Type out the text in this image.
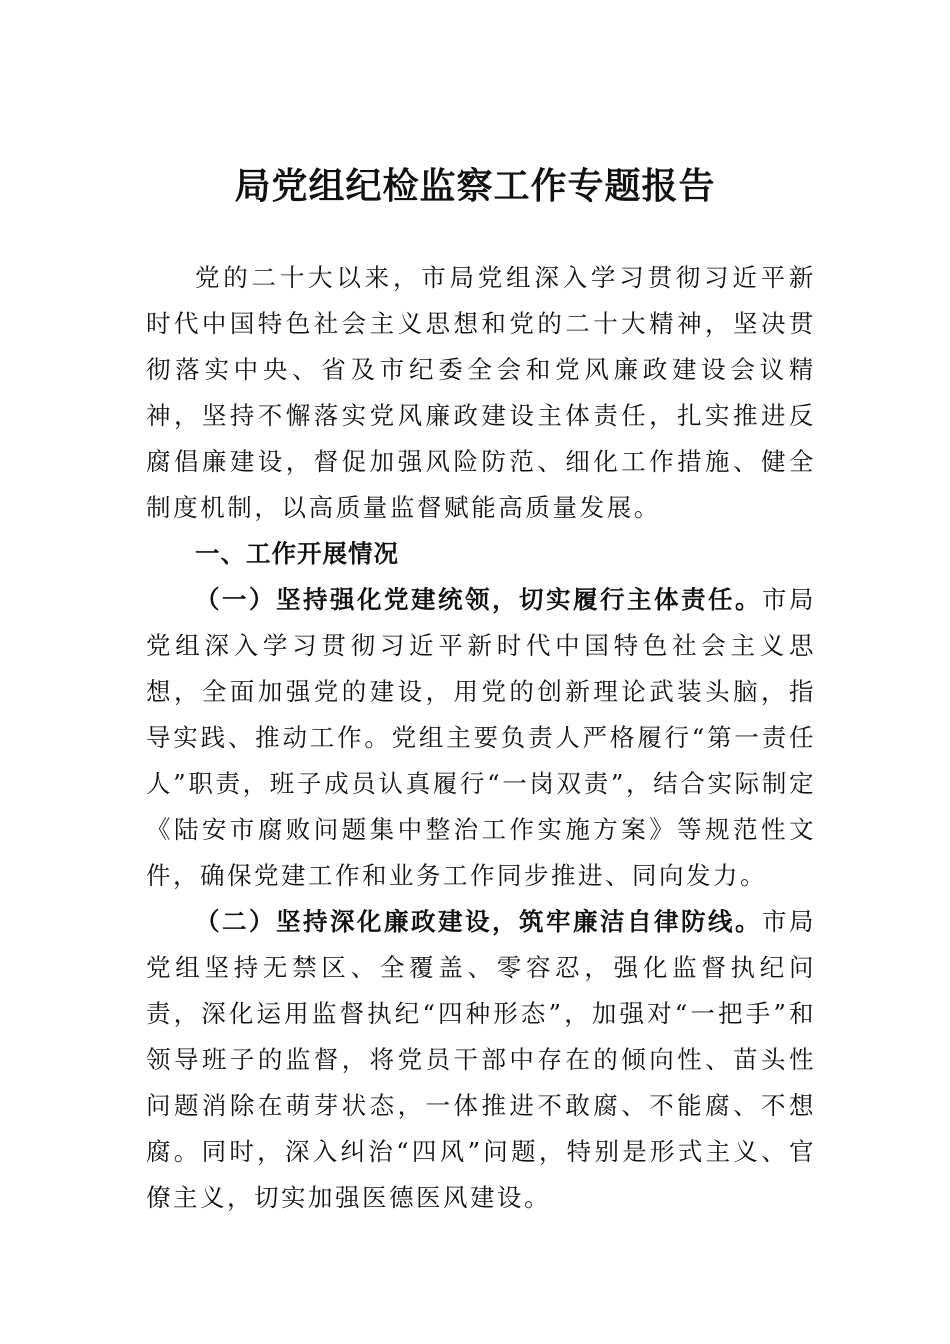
局党组纪检监察工作专题报告

党的二十大以来，市局党组深入学习贯彻习近平新时代中国特色社会主义思想和党的二十大精神，坚决贯彻落实中央、省及市纪委全会和党风廉政建设会议精神，坚持不懈落实党风廉政建设主体责任，扎实推进反腐倡廉建设，督促加强风险防范、细化工作措施、健全制度机制，以高质量监督赋能高质量发展。

一、工作开展情况

（一）坚持强化党建统领，切实履行主体责任。市局党组深入学习贯彻习近平新时代中国特色社会主义思想，全面加强党的建设，用党的创新理论武装头脑，指导实践、推动工作。党组主要负责人严格履行“第一责任人”职责，班子成员认真履行“一岗双责”，结合实际制定《陆安市腐败问题集中整治工作实施方案》等规范性文件，确保党建工作和业务工作同步推进、同向发力。

（二）坚持深化廉政建设，筑牢廉洁自律防线。市局党组坚持无禁区、全覆盖、零容忍，强化监督执纪问责，深化运用监督执纪“四种形态”，加强对“一把手”和领导班子的监督，将党员干部中存在的倾向性、苗头性问题消除在萌芽状态，一体推进不敢腐、不能腐、不想腐。同时，深入纠治“四风”问题，特别是形式主义、官僚主义，切实加强医德医风建设。
